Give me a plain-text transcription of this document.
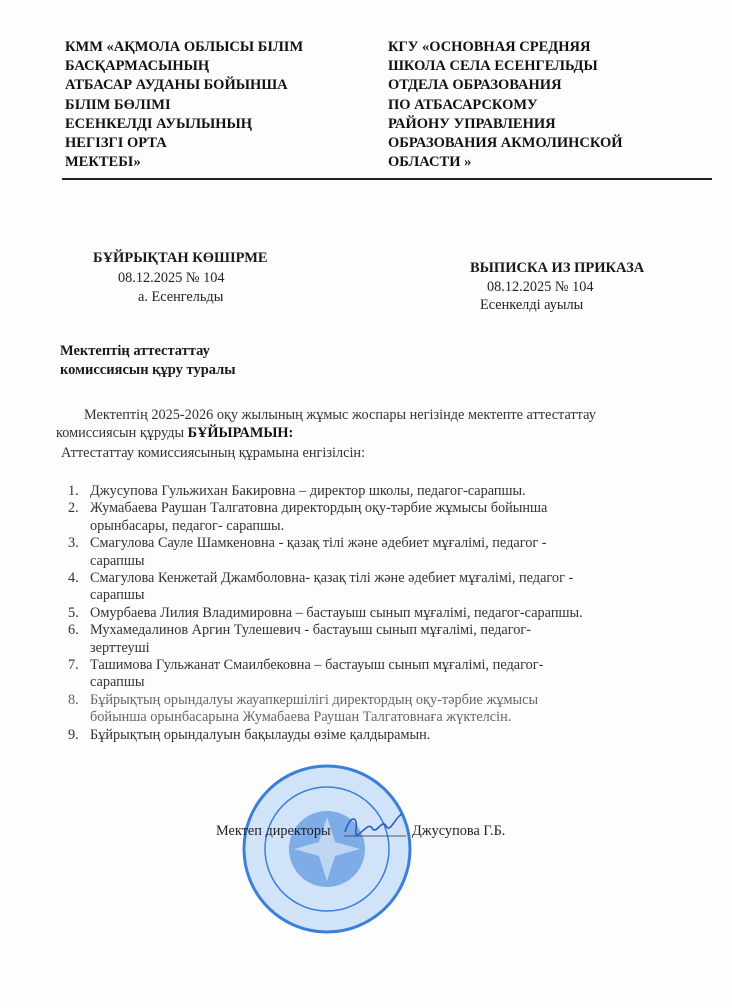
КММ «АҚМОЛА ОБЛЫСЫ БІЛІМ
БАСҚАРМАСЫНЫҢ
АТБАСАР АУДАНЫ БОЙЫНША
БІЛІМ БӨЛІМІ
ЕСЕНКЕЛДІ АУЫЛЫНЫҢ
НЕГІЗГІ ОРТА
МЕКТЕБІ»
КГУ «ОСНОВНАЯ СРЕДНЯЯ
ШКОЛА СЕЛА ЕСЕНГЕЛЬДЫ
ОТДЕЛА ОБРАЗОВАНИЯ
ПО АТБАСАРСКОМУ
РАЙОНУ УПРАВЛЕНИЯ
ОБРАЗОВАНИЯ АКМОЛИНСКОЙ
ОБЛАСТИ »
БҰЙРЫҚТАН КӨШІРМЕ
08.12.2025 № 104
а. Есенгельды
ВЫПИСКА ИЗ ПРИКАЗА
08.12.2025 № 104
Есенкелді ауылы
Мектептің аттестаттау
комиссиясын құру туралы
Мектептің 2025-2026 оқу жылының жұмыс жоспары негізінде мектепте аттестаттау
комиссиясын құруды БҰЙЫРАМЫН:
Аттестаттау комиссиясының құрамына енгізілсін:
1. Джусупова Гульжихан Бакировна – директор школы, педагог-сарапшы.
2. Жумабаева Раушан Талгатовна директордың оқу-тәрбие жұмысы бойынша
орынбасары, педагог- сарапшы.
3. Смагулова Сауле Шамкеновна - қазақ тілі және әдебиет мұғалімі, педагог -
сарапшы
4. Смагулова Кенжетай Джамболовна- қазақ тілі және әдебиет мұғалімі, педагог -
сарапшы
5. Омурбаева Лилия Владимировна – бастауыш сынып мұғалімі, педагог-сарапшы.
6. Мухамедалинов Аргин Тулешевич - бастауыш сынып мұғалімі, педагог-
зерттеуші
7. Ташимова Гульжанат Смаилбековна – бастауыш сынып мұғалімі, педагог-
сарапшы
8. Бұйрықтың орындалуы жауапкершілігі директордың оқу-тәрбие жұмысы
бойынша орынбасарына Жумабаева Раушан Талгатовнаға жүктелсін.
9. Бұйрықтың орындалуын бақылауды өзіме қалдырамын.
Мектеп директоры	Джусупова Г.Б.
